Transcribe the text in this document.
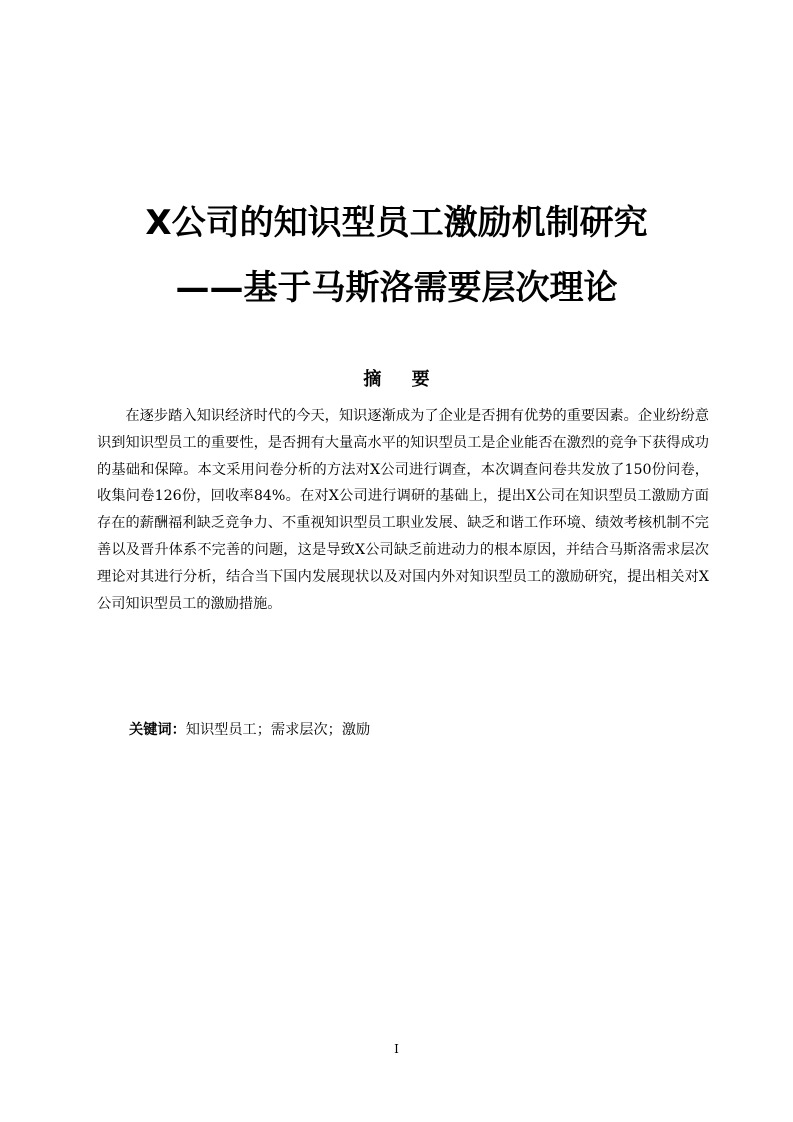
X公司的知识型员工激励机制研究
——基于马斯洛需要层次理论
摘 要

在逐步踏入知识经济时代的今天，知识逐渐成为了企业是否拥有优势的重要因素。企业纷纷意识到知识型员工的重要性，是否拥有大量高水平的知识型员工是企业能否在激烈的竞争下获得成功的基础和保障。本文采用问卷分析的方法对X公司进行调查，本次调查问卷共发放了150份问卷，收集问卷126份，回收率84%。在对X公司进行调研的基础上，提出X公司在知识型员工激励方面存在的薪酬福利缺乏竞争力、不重视知识型员工职业发展、缺乏和谐工作环境、绩效考核机制不完善以及晋升体系不完善的问题，这是导致X公司缺乏前进动力的根本原因，并结合马斯洛需求层次理论对其进行分析，结合当下国内发展现状以及对国内外对知识型员工的激励研究，提出相关对X公司知识型员工的激励措施。

关键词：知识型员工；需求层次；激励
I
